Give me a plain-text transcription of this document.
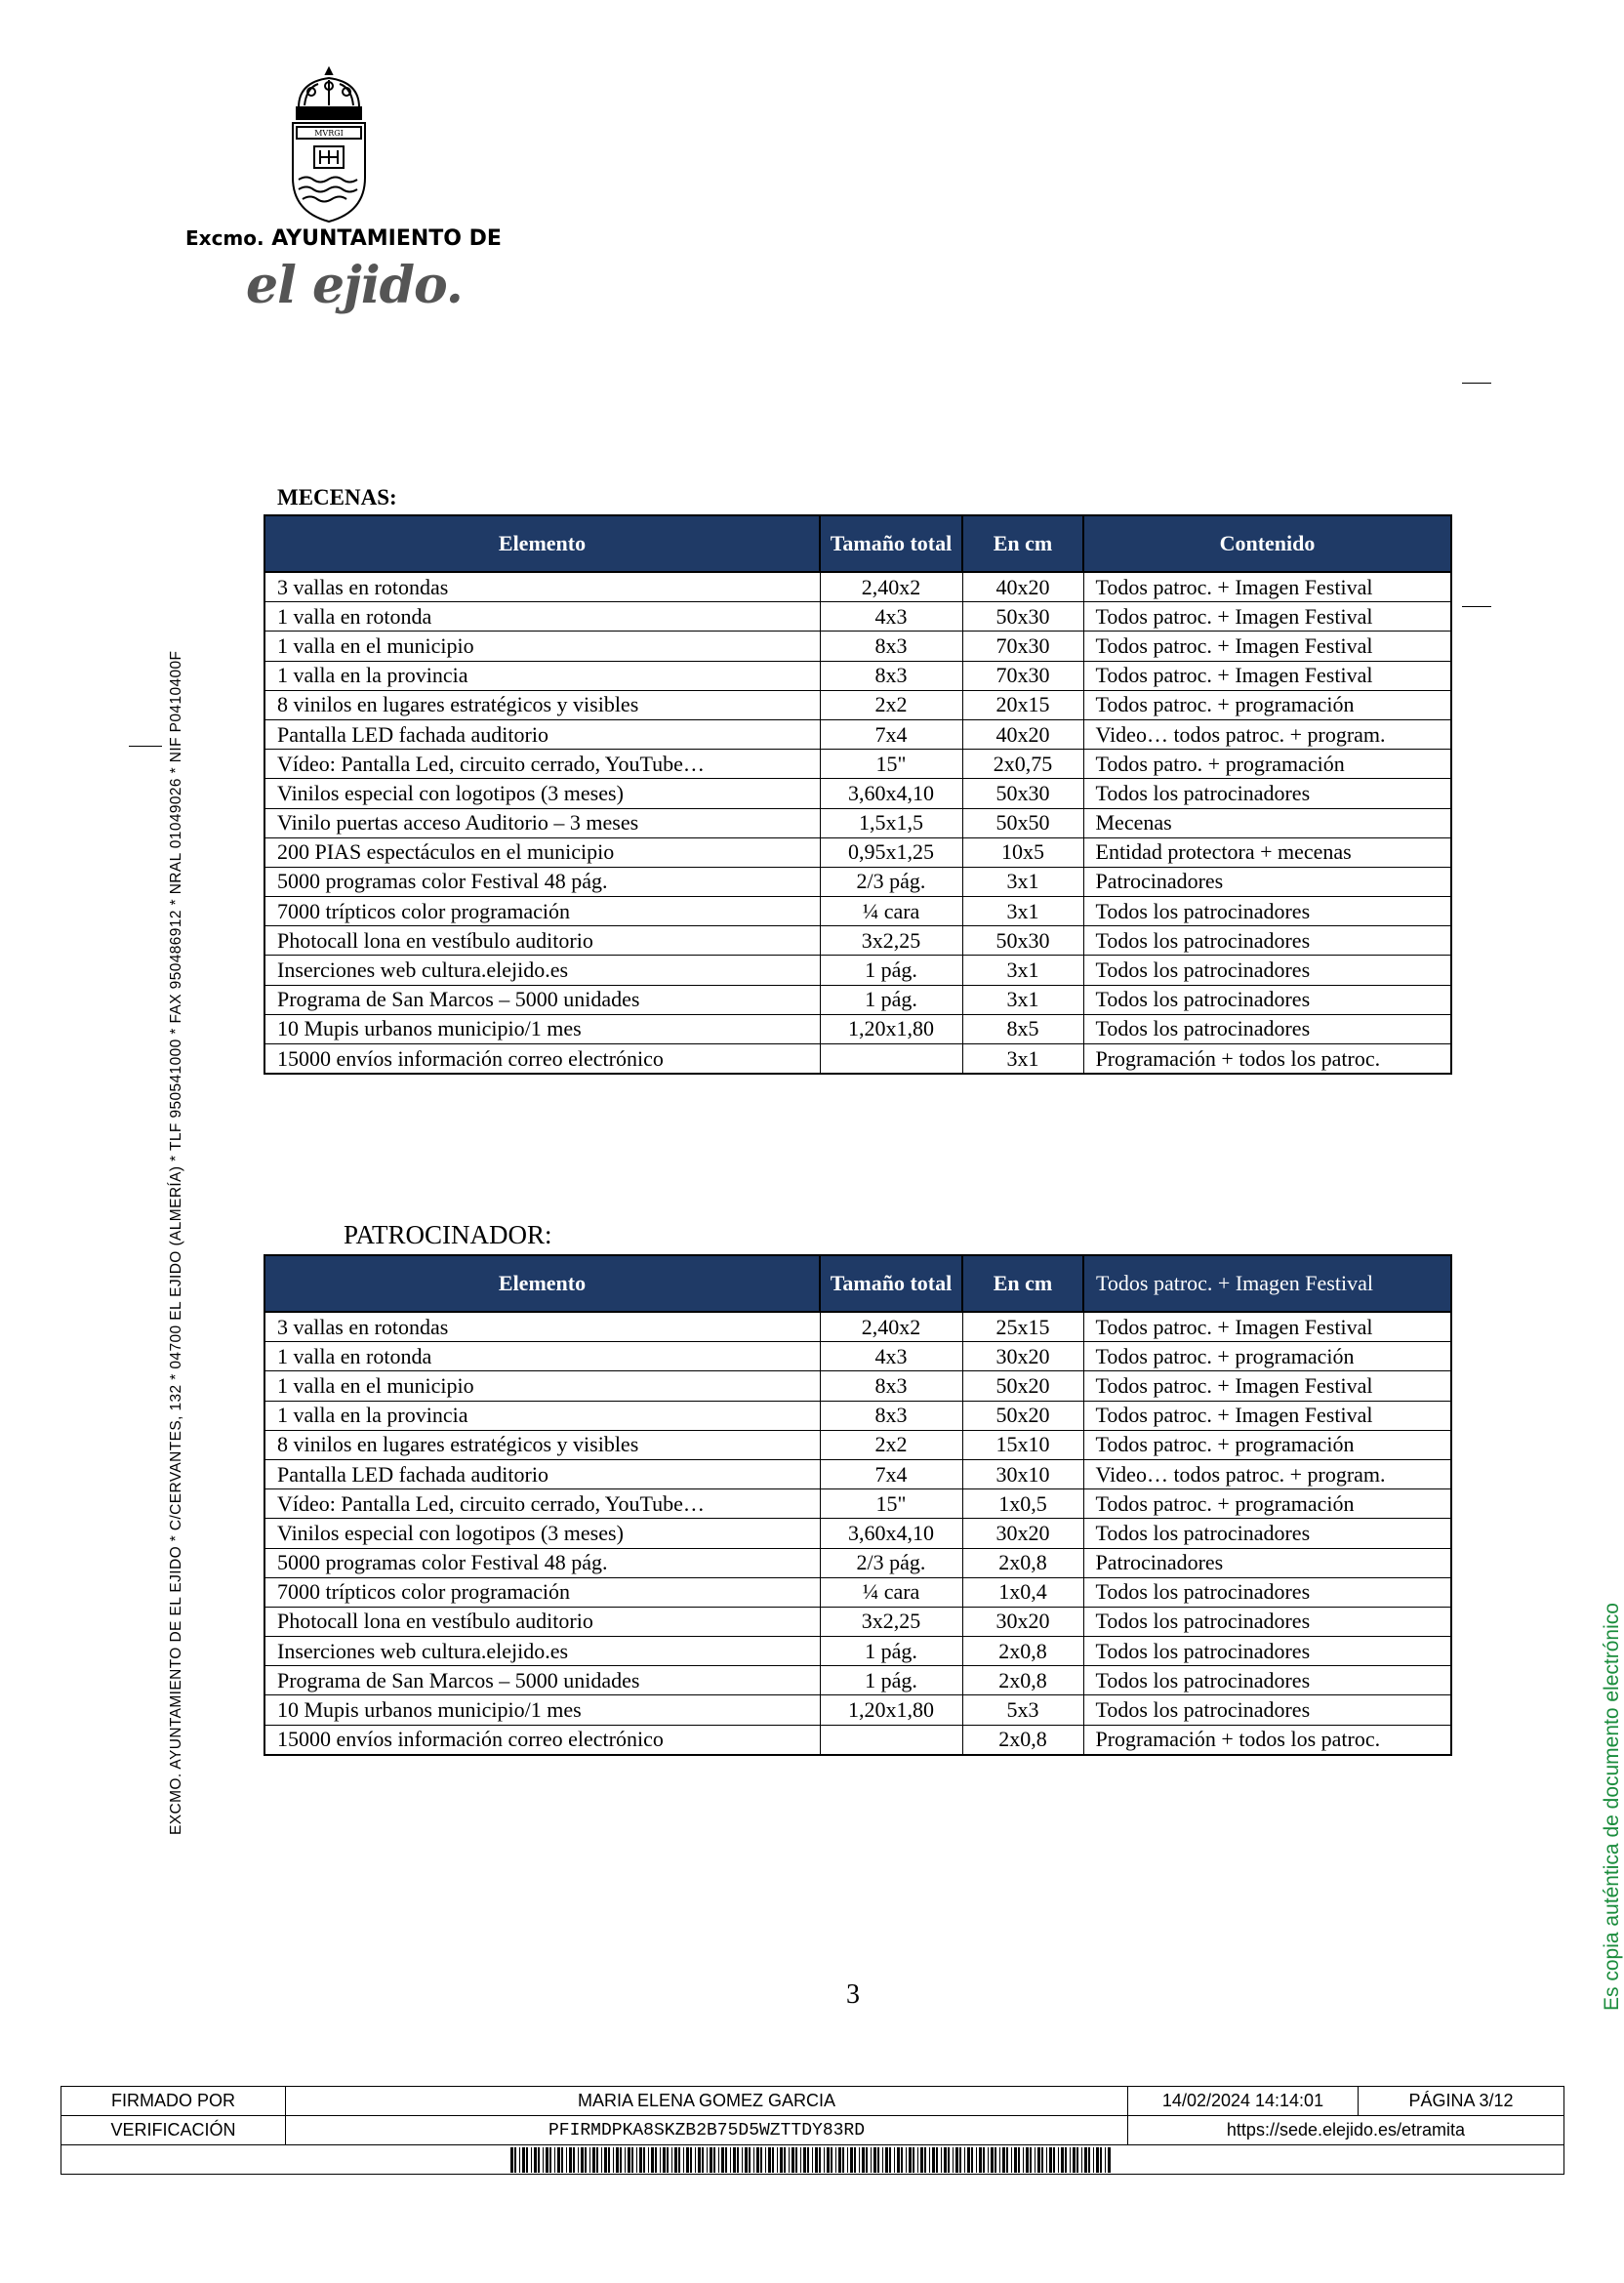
MVRGI
Excmo. AYUNTAMIENTO DE
el ejido.
EXCMO. AYUNTAMIENTO DE EL EJIDO * C/CERVANTES, 132 * 04700 EL EJIDO (ALMERÍA) * TLF 950541000 * FAX 950486912 * NRAL 01049026 * NIF P0410400F	Es copia auténtica de documento electrónico
MECENAS:
Elemento	Tamaño total	En cm	Contenido
3 vallas en rotondas	2,40x2	40x20	Todos patroc. + Imagen Festival
1 valla en rotonda	4x3	50x30	Todos patroc. + Imagen Festival
1 valla en el municipio	8x3	70x30	Todos patroc. + Imagen Festival
1 valla en la provincia	8x3	70x30	Todos patroc. + Imagen Festival
8 vinilos en lugares estratégicos y visibles	2x2	20x15	Todos patroc. + programación
Pantalla LED fachada auditorio	7x4	40x20	Video… todos patroc. + program.
Vídeo: Pantalla Led, circuito cerrado, YouTube…	15"	2x0,75	Todos patro. + programación
Vinilos especial con logotipos (3 meses)	3,60x4,10	50x30	Todos los patrocinadores
Vinilo puertas acceso Auditorio – 3 meses	1,5x1,5	50x50	Mecenas
200 PIAS espectáculos en el municipio	0,95x1,25	10x5	Entidad protectora + mecenas
5000 programas color Festival 48 pág.	2/3 pág.	3x1	Patrocinadores
7000 trípticos color programación	¼ cara	3x1	Todos los patrocinadores
Photocall lona en vestíbulo auditorio	3x2,25	50x30	Todos los patrocinadores
Inserciones web cultura.elejido.es	1 pág.	3x1	Todos los patrocinadores
Programa de San Marcos – 5000 unidades	1 pág.	3x1	Todos los patrocinadores
10 Mupis urbanos municipio/1 mes	1,20x1,80	8x5	Todos los patrocinadores
15000 envíos información correo electrónico		3x1	Programación + todos los patroc.
PATROCINADOR:
Elemento	Tamaño total	En cm	Todos patroc. + Imagen Festival
3 vallas en rotondas	2,40x2	25x15	Todos patroc. + Imagen Festival
1 valla en rotonda	4x3	30x20	Todos patroc. + programación
1 valla en el municipio	8x3	50x20	Todos patroc. + Imagen Festival
1 valla en la provincia	8x3	50x20	Todos patroc. + Imagen Festival
8 vinilos en lugares estratégicos y visibles	2x2	15x10	Todos patroc. + programación
Pantalla LED fachada auditorio	7x4	30x10	Video… todos patroc. + program.
Vídeo: Pantalla Led, circuito cerrado, YouTube…	15"	1x0,5	Todos patroc. + programación
Vinilos especial con logotipos (3 meses)	3,60x4,10	30x20	Todos los patrocinadores
5000 programas color Festival 48 pág.	2/3 pág.	2x0,8	Patrocinadores
7000 trípticos color programación	¼ cara	1x0,4	Todos los patrocinadores
Photocall lona en vestíbulo auditorio	3x2,25	30x20	Todos los patrocinadores
Inserciones web cultura.elejido.es	1 pág.	2x0,8	Todos los patrocinadores
Programa de San Marcos – 5000 unidades	1 pág.	2x0,8	Todos los patrocinadores
10 Mupis urbanos municipio/1 mes	1,20x1,80	5x3	Todos los patrocinadores
15000 envíos información correo electrónico		2x0,8	Programación + todos los patroc.
3
FIRMADO POR	MARIA ELENA GOMEZ GARCIA	14/02/2024 14:14:01	PÁGINA 3/12
VERIFICACIÓN	PFIRMDPKA8SKZB2B75D5WZTTDY83RD	https://sede.elejido.es/etramita	
